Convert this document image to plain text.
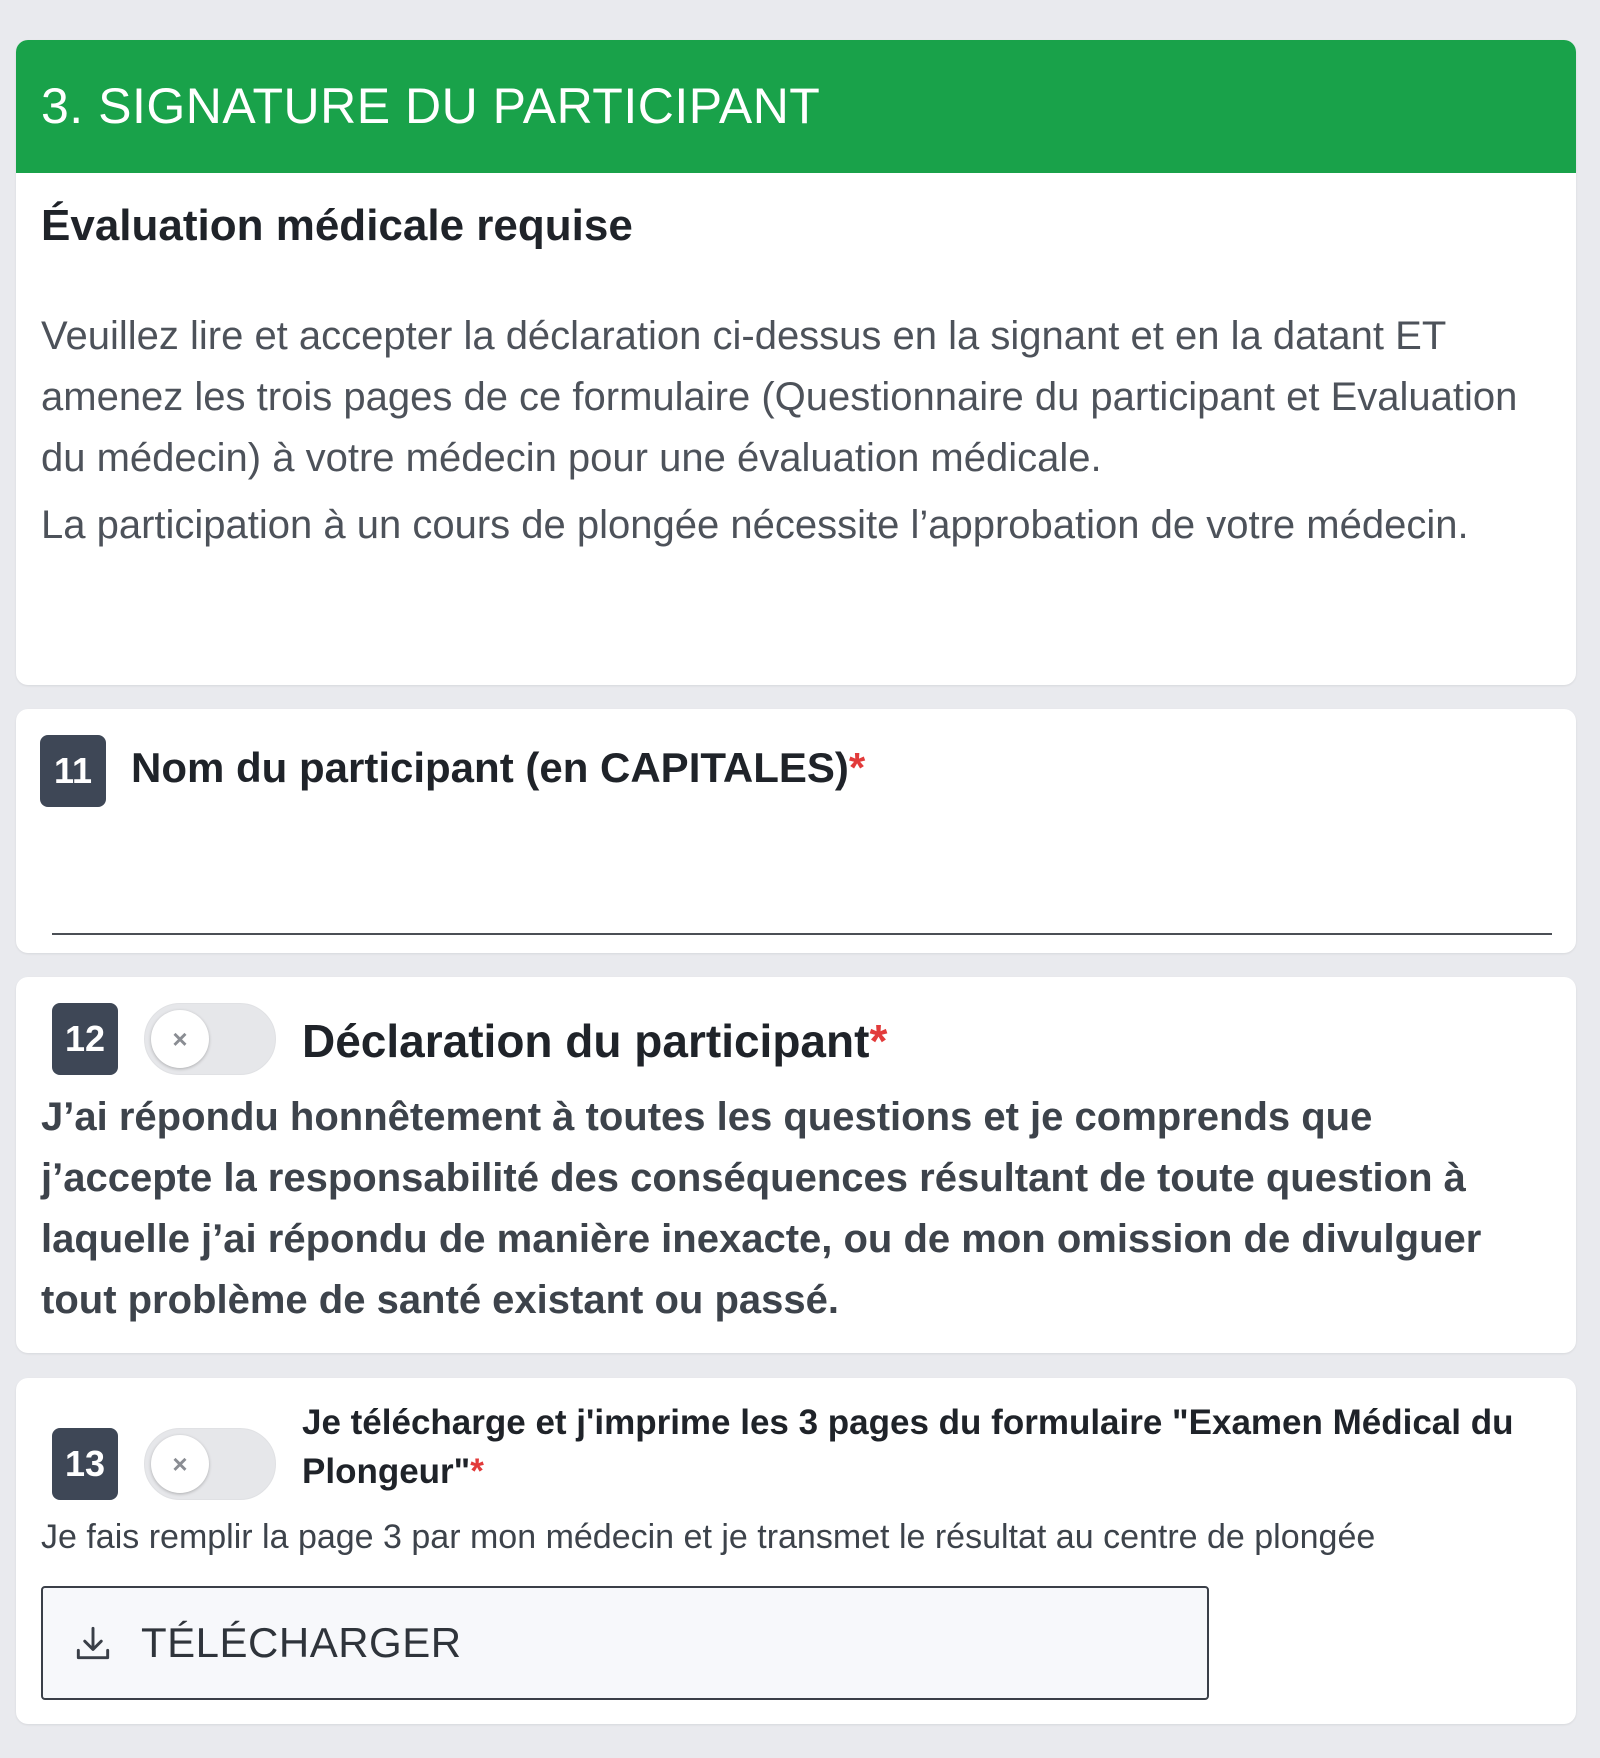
3. SIGNATURE DU PARTICIPANT
Évaluation médicale requise
Veuillez lire et accepter la déclaration ci-dessus en la signant et en la datant ET amenez les trois pages de ce formulaire (Questionnaire du participant et Evaluation du médecin) à votre médecin pour une évaluation médicale.
La participation à un cours de plongée nécessite l’approbation de votre médecin.
11 Nom du participant (en CAPITALES)*
12	×	Déclaration du participant*
J’ai répondu honnêtement à toutes les questions et je comprends que j’accepte la responsabilité des conséquences résultant de toute question à laquelle j’ai répondu de manière inexacte, ou de mon omission de divulguer tout problème de santé existant ou passé.
13	×
Je télécharge et j'imprime les 3 pages du formulaire "Examen Médical du Plongeur"*
Je fais remplir la page 3 par mon médecin et je transmet le résultat au centre de plongée
TÉLÉCHARGER
